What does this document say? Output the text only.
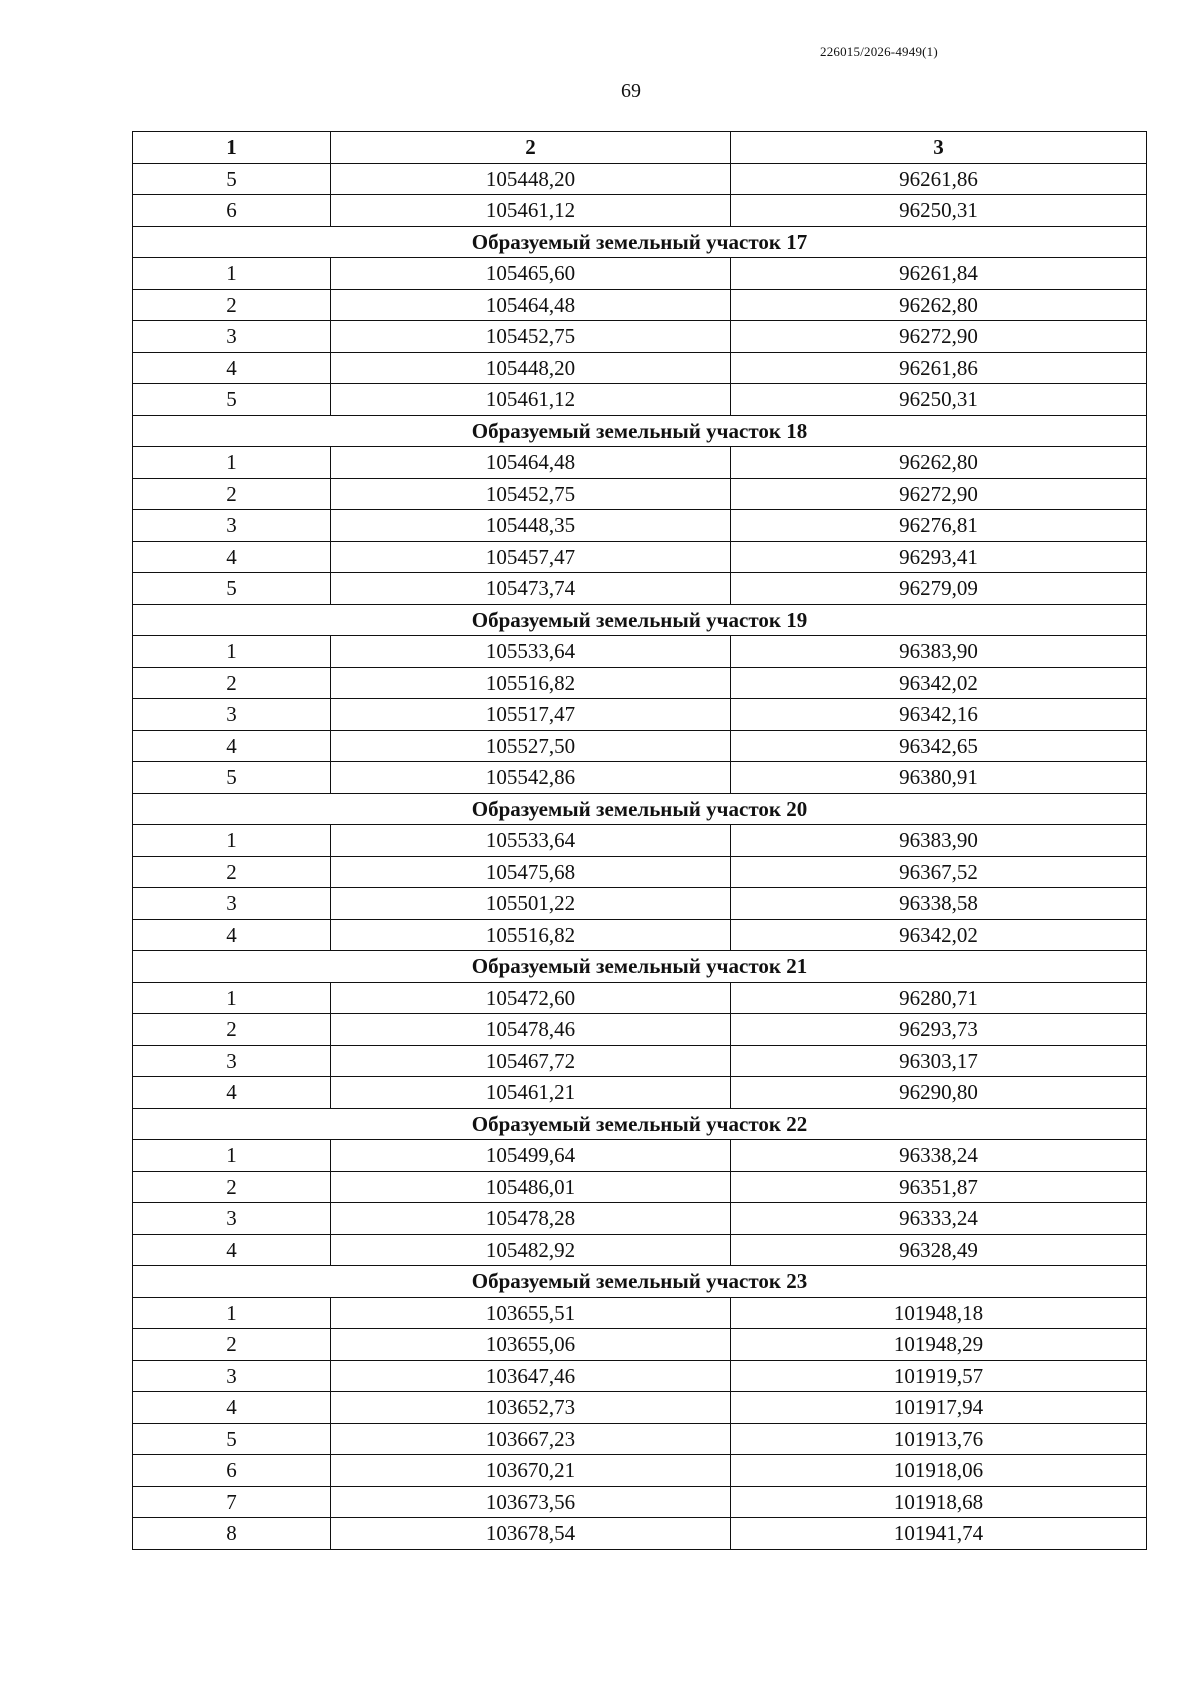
226015/2026-4949(1)
69
1	2	3
5	105448,20	96261,86
6	105461,12	96250,31
Образуемый земельный участок 17		
1	105465,60	96261,84
2	105464,48	96262,80
3	105452,75	96272,90
4	105448,20	96261,86
5	105461,12	96250,31
Образуемый земельный участок 18		
1	105464,48	96262,80
2	105452,75	96272,90
3	105448,35	96276,81
4	105457,47	96293,41
5	105473,74	96279,09
Образуемый земельный участок 19		
1	105533,64	96383,90
2	105516,82	96342,02
3	105517,47	96342,16
4	105527,50	96342,65
5	105542,86	96380,91
Образуемый земельный участок 20		
1	105533,64	96383,90
2	105475,68	96367,52
3	105501,22	96338,58
4	105516,82	96342,02
Образуемый земельный участок 21		
1	105472,60	96280,71
2	105478,46	96293,73
3	105467,72	96303,17
4	105461,21	96290,80
Образуемый земельный участок 22		
1	105499,64	96338,24
2	105486,01	96351,87
3	105478,28	96333,24
4	105482,92	96328,49
Образуемый земельный участок 23		
1	103655,51	101948,18
2	103655,06	101948,29
3	103647,46	101919,57
4	103652,73	101917,94
5	103667,23	101913,76
6	103670,21	101918,06
7	103673,56	101918,68
8	103678,54	101941,74
